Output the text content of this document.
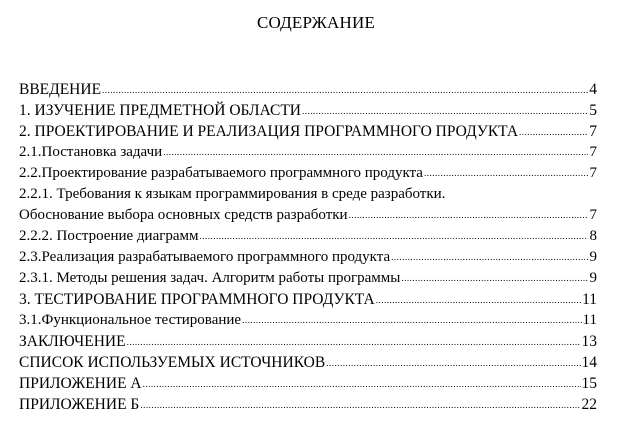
СОДЕРЖАНИЕ
ВВЕДЕНИЕ .....	4
1. ИЗУЧЕНИЕ ПРЕДМЕТНОЙ ОБЛАСТИ .....	5
2. ПРОЕКТИРОВАНИЕ И РЕАЛИЗАЦИЯ ПРОГРАММНОГО ПРОДУКТА .....	7
2.1.Постановка задачи .....	7
2.2.Проектирование разрабатываемого программного продукта .....	7
2.2.1. Требования к языкам программирования в среде разработки.
Обоснование выбора основных средств разработки .....	7
2.2.2. Построение диаграмм .....	8
2.3.Реализация разрабатываемого программного продукта .....	9
2.3.1. Методы решения задач. Алгоритм работы программы .....	9
3. ТЕСТИРОВАНИЕ ПРОГРАММНОГО ПРОДУКТА .....	11
3.1.Функциональное тестирование .....	11
ЗАКЛЮЧЕНИЕ .....	13
СПИСОК ИСПОЛЬЗУЕМЫХ ИСТОЧНИКОВ .....	14
ПРИЛОЖЕНИЕ А .....	15
ПРИЛОЖЕНИЕ Б .....	22
